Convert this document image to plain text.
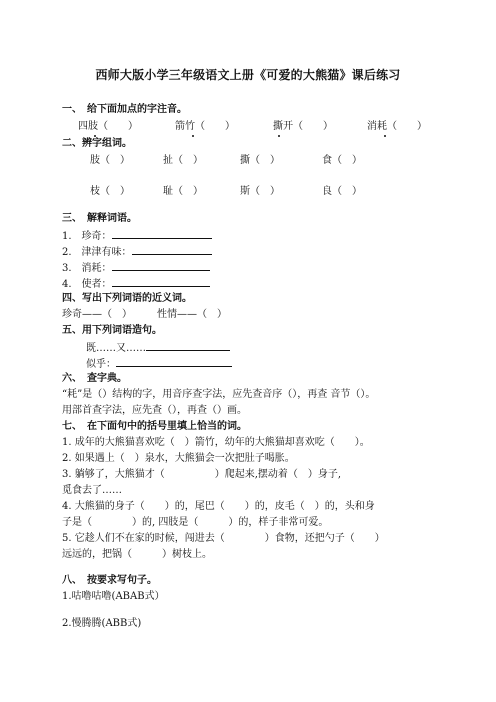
西师大版小学三年级语文上册《可爱的大熊猫》课后练习
一、　给下面加点的字注音。
四肢（　　）	箭竹（　　）	撕开（　　）	消耗（　　）
二、辨字组词。
肢（　）	扯（　）	撕（　）	食（　）
枝（　）	耻（　）	斯（　）	良（　）
三、　解释词语。
1.　珍奇：
2.　津津有味：
3.　消耗：
4.　使者：
四、写出下列词语的近义词。
珍奇——（　）　　　性情——（　）
五、用下列词语造句。
既……又……
似乎：
六、　查字典。
“耗”是（）结构的字，用音序查字法，应先查音序（），再查 音节（）。
用部首查字法，应先查（），再查（）画。
七、　在下面句中的括号里填上恰当的词。
1. 成年的大熊猫喜欢吃（　）箭竹，幼年的大熊猫却喜欢吃（　　）。
2. 如果遇上（　）泉水，大熊猫会一次把肚子喝胀。
3. 躺够了，大熊猫才（　　　　　）爬起来,摆动着（　）身子,
觅食去了……
4. 大熊猫的身子（　　）的，尾巴（　　）的，皮毛（　）的，头和身
子是（　　　　）的, 四肢是（　　　）的，样子非常可爱。
5. 它趁人们不在家的时候，闯进去（　　　　）食物，还把勺子（　　）
远远的，把锅（　　　）树枝上。
八、　按要求写句子。
1.咕噜咕噜(ABAB式）
2.慢腾腾(ABB式)
